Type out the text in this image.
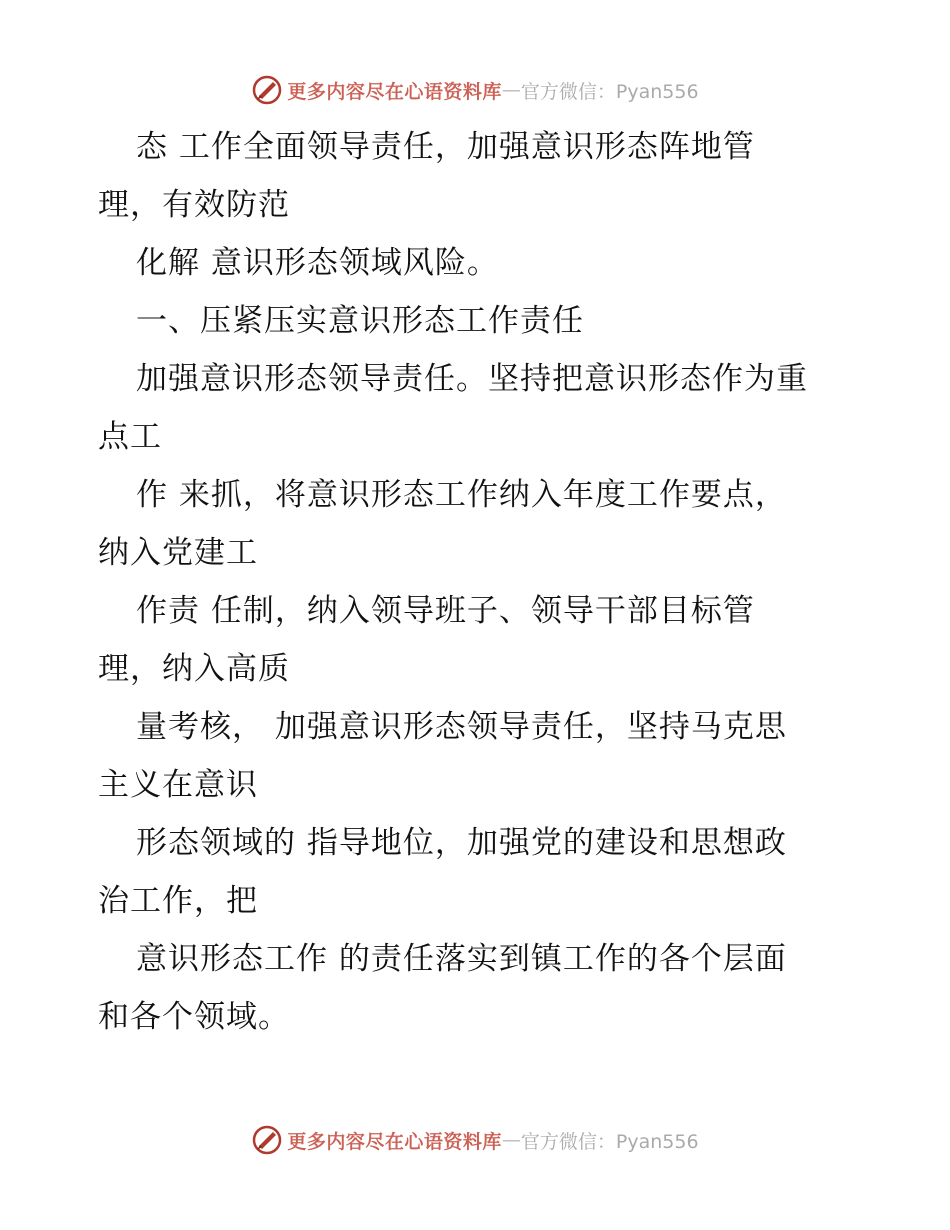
更多内容尽在心语资料库 — 官方微信：Pyan556
态 工作全面领导责任，加强意识形态阵地管
理，有效防范
化解 意识形态领域风险。
一、压紧压实意识形态工作责任
加强意识形态领导责任。坚持把意识形态作为重
点工
作 来抓，将意识形态工作纳入年度工作要点，
纳入党建工
作责 任制，纳入领导班子、领导干部目标管
理，纳入高质
量考核， 加强意识形态领导责任，坚持马克思
主义在意识
形态领域的 指导地位，加强党的建设和思想政
治工作，把
意识形态工作 的责任落实到镇工作的各个层面
和各个领域。
更多内容尽在心语资料库 — 官方微信：Pyan556
